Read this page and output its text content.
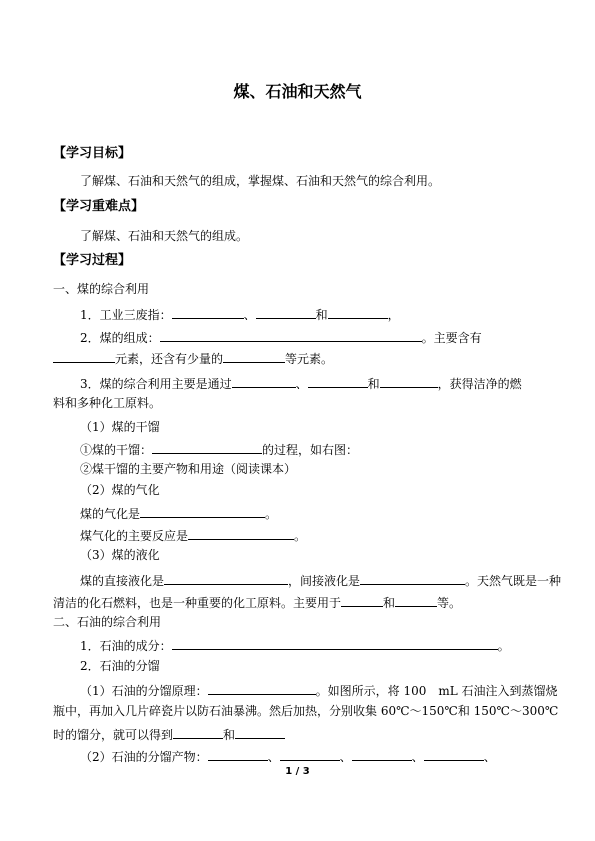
煤、石油和天然气
【学习目标】
了解煤、石油和天然气的组成，掌握煤、石油和天然气的综合利用。
【学习重难点】
了解煤、石油和天然气的组成。
【学习过程】
一、煤的综合利用
1．工业三废指：	、	和	，
2．煤的组成：	。主要含有
元素，还含有少量的	等元素。
3．煤的综合利用主要是通过	、	和	，获得洁净的燃
料和多种化工原料。
（1）煤的干馏
①煤的干馏：	的过程，如右图：
②煤干馏的主要产物和用途（阅读课本）
（2）煤的气化
煤的气化是	。
煤气化的主要反应是	。
（3）煤的液化
煤的直接液化是	，间接液化是	。天然气既是一种
清洁的化石燃料，也是一种重要的化工原料。主要用于	和	等。
二、石油的综合利用
1．石油的成分：	。
2．石油的分馏
（1）石油的分馏原理：	。如图所示，将 100　mL 石油注入到蒸馏烧
瓶中，再加入几片碎瓷片以防石油暴沸。然后加热，分别收集 60℃～150℃和 150℃～300℃
时的馏分，就可以得到	和
（2）石油的分馏产物：	、	、	、	、
1 / 3
